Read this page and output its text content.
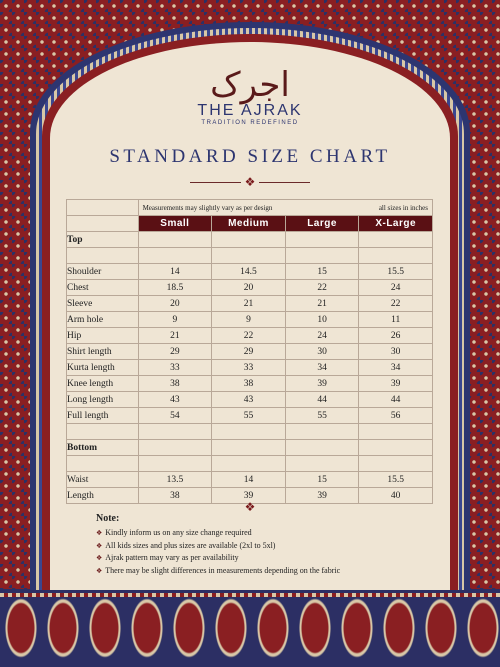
اجرک
THE AJRAK
TRADITION REDEFINED
STANDARD SIZE CHART
❖
	Measurements may slightly vary as per design all sizes in inches			

	Small	Medium	Large	X-Large
Top				

Shoulder	14	14.5	15	15.5
Chest	18.5	20	22	24
Sleeve	20	21	21	22
Arm hole	9	9	10	11
Hip	21	22	24	26
Shirt length	29	29	30	30
Kurta length	33	33	34	34
Knee length	38	38	39	39
Long length	43	43	44	44
Full length	54	55	55	56

Bottom				

Waist	13.5	14	15	15.5
Length	38	39	39	40
❖
Note:
❖ Kindly inform us on any size change required
❖ All kids sizes and plus sizes are available (2xl to 5xl)
❖ Ajrak pattern may vary as per availability
❖ There may be slight differences in measurements depending on the fabric
